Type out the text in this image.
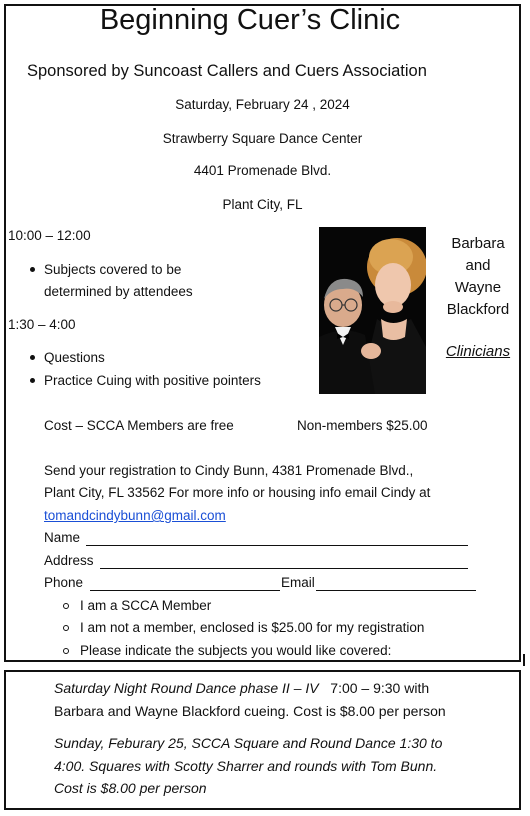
Beginning Cuer’s Clinic
Sponsored by Suncoast Callers and Cuers Association
Saturday, February 24 , 2024
Strawberry Square Dance Center
4401 Promenade Blvd.
Plant City, FL
10:00 – 12:00
Subjects covered to be
determined by attendees
1:30 – 4:00
Questions
Practice Cuing with positive pointers
Barbara
and
Wayne
Blackford
Clinicians
Cost – SCCA Members are free	Non-members $25.00
Send your registration to Cindy Bunn, 4381 Promenade Blvd.,
Plant City, FL 33562 For more info or housing info email Cindy at
tomandcindybunn@gmail.com
Name
Address
Phone	Email
I am a SCCA Member
I am not a member, enclosed is $25.00 for my registration
Please indicate the subjects you would like covered:
Saturday Night Round Dance phase II – IV 7:00 – 9:30 with
Barbara and Wayne Blackford cueing. Cost is $8.00 per person
Sunday, Feburary 25, SCCA Square and Round Dance 1:30 to
4:00. Squares with Scotty Sharrer and rounds with Tom Bunn.
Cost is $8.00 per person
